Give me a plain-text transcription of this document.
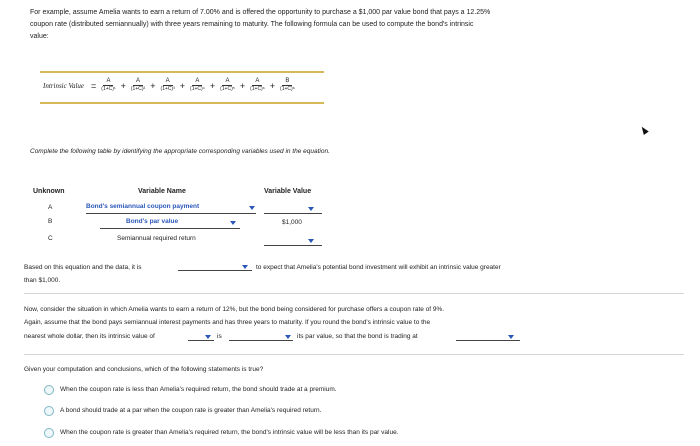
For example, assume Amelia wants to earn a return of 7.00% and is offered the opportunity to purchase a $1,000 par value bond that pays a 12.25%

coupon rate (distributed semiannually) with three years remaining to maturity. The following formula can be used to compute the bond's intrinsic

value:

Intrinsic Value =	A
(1+C)¹ +	A
(1+C)² +	A
(1+C)³ +	A
(1+C)⁴ +	A
(1+C)⁵ +	A
(1+C)⁶ +	B
(1+C)⁶
Complete the following table by identifying the appropriate corresponding variables used in the equation.
Unknown	Variable Name	Variable Value
A	Bond's semiannual coupon payment
B	Bond's par value	$1,000
C	Semiannual required return
Based on this equation and the data, it is	to expect that Amelia's potential bond investment will exhibit an intrinsic value greater
than $1,000.
Now, consider the situation in which Amelia wants to earn a return of 12%, but the bond being considered for purchase offers a coupon rate of 9%.
Again, assume that the bond pays semiannual interest payments and has three years to maturity. If you round the bond's intrinsic value to the
nearest whole dollar, then its intrinsic value of	is	its par value, so that the bond is trading at
Given your computation and conclusions, which of the following statements is true?
When the coupon rate is less than Amelia's required return, the bond should trade at a premium.
A bond should trade at a par when the coupon rate is greater than Amelia's required return.
When the coupon rate is greater than Amelia's required return, the bond's intrinsic value will be less than its par value.
